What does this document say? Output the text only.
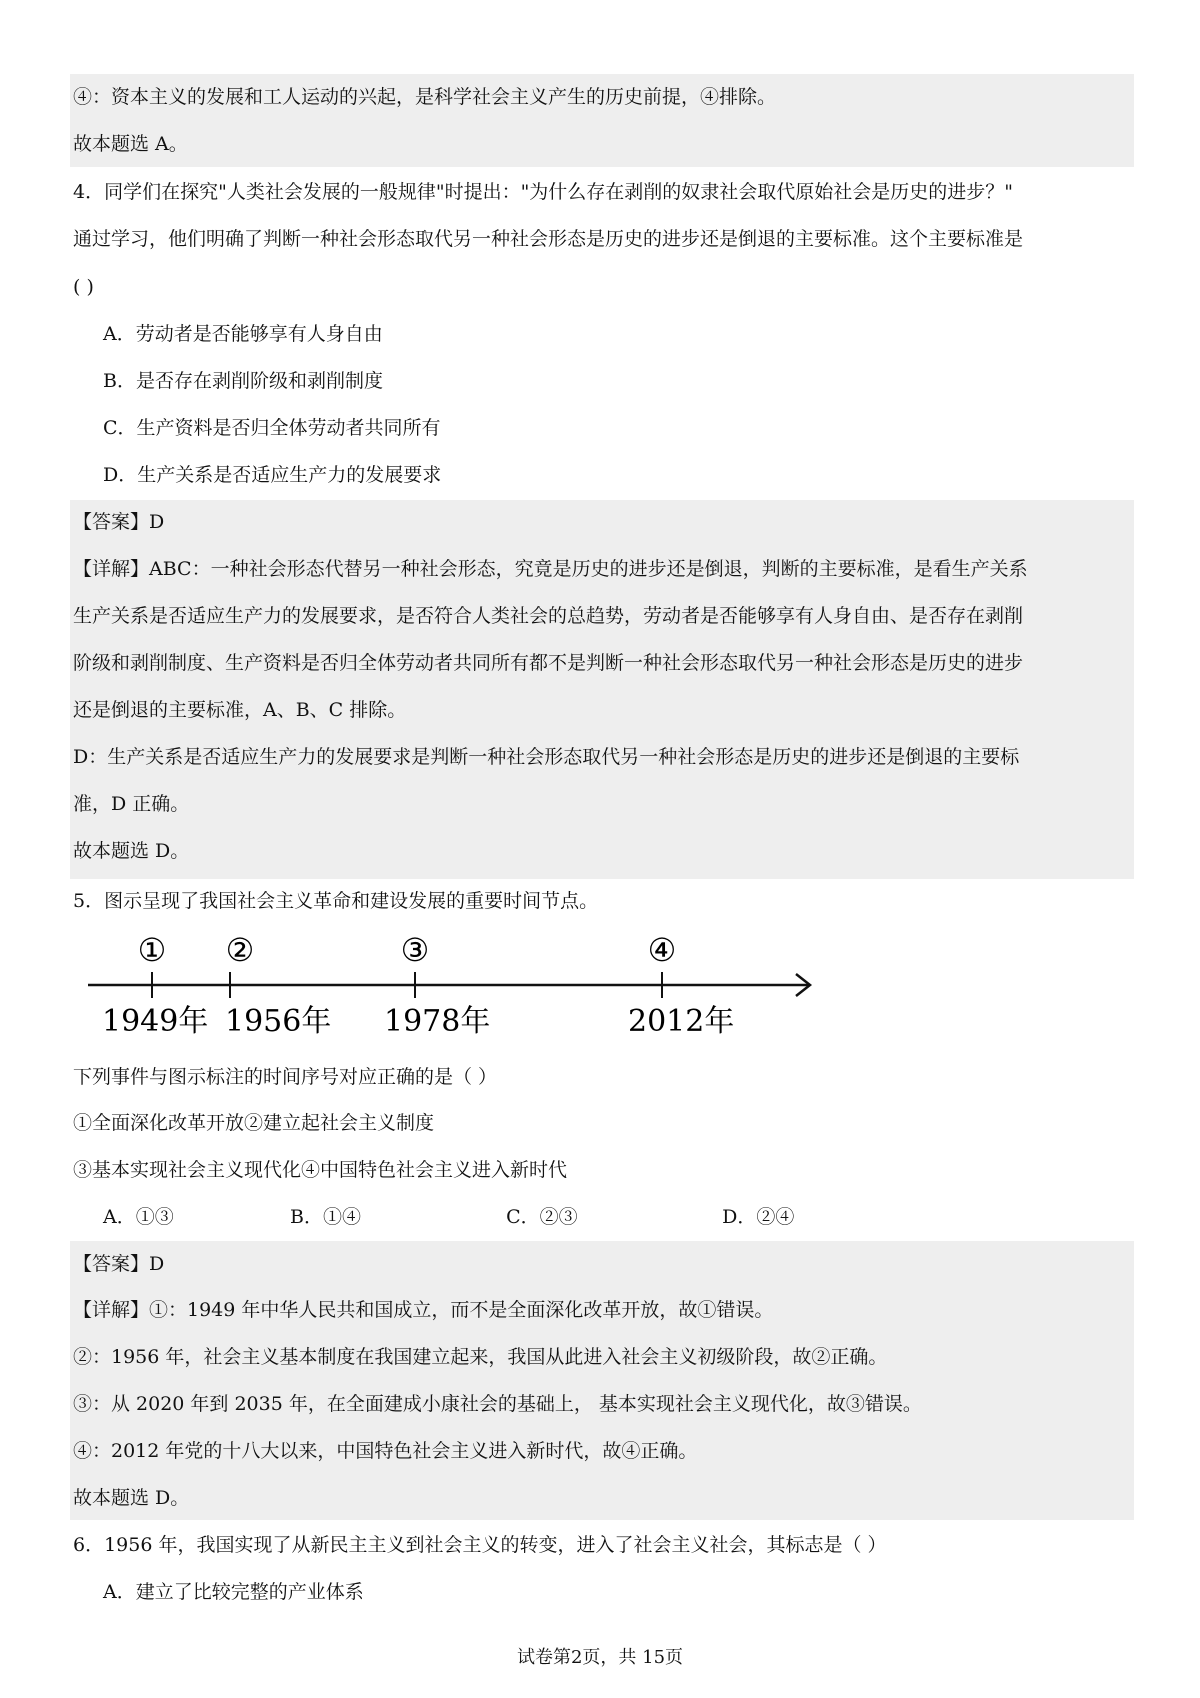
④：资本主义的发展和工人运动的兴起，是科学社会主义产生的历史前提，④排除。
故本题选 A。
4．同学们在探究"人类社会发展的一般规律"时提出："为什么存在剥削的奴隶社会取代原始社会是历史的进步？"
通过学习，他们明确了判断一种社会形态取代另一种社会形态是历史的进步还是倒退的主要标准。这个主要标准是
( )
A．劳动者是否能够享有人身自由
B．是否存在剥削阶级和剥削制度
C．生产资料是否归全体劳动者共同所有
D．生产关系是否适应生产力的发展要求
【答案】D
【详解】ABC：一种社会形态代替另一种社会形态，究竟是历史的进步还是倒退，判断的主要标准，是看生产关系
生产关系是否适应生产力的发展要求，是否符合人类社会的总趋势，劳动者是否能够享有人身自由、是否存在剥削
阶级和剥削制度、生产资料是否归全体劳动者共同所有都不是判断一种社会形态取代另一种社会形态是历史的进步
还是倒退的主要标准，A、B、C 排除。
D：生产关系是否适应生产力的发展要求是判断一种社会形态取代另一种社会形态是历史的进步还是倒退的主要标
准，D 正确。
故本题选 D。
5．图示呈现了我国社会主义革命和建设发展的重要时间节点。
① ②	③	④
1949年 1956年 1978年	2012年
下列事件与图示标注的时间序号对应正确的是（ ）
①全面深化改革开放②建立起社会主义制度
③基本实现社会主义现代化④中国特色社会主义进入新时代
A．①③	B．①④	C．②③	D．②④
【答案】D
【详解】①：1949 年中华人民共和国成立，而不是全面深化改革开放，故①错误。
②：1956 年，社会主义基本制度在我国建立起来，我国从此进入社会主义初级阶段，故②正确。
③：从 2020 年到 2035 年，在全面建成小康社会的基础上， 基本实现社会主义现代化，故③错误。
④：2012 年党的十八大以来，中国特色社会主义进入新时代，故④正确。
故本题选 D。
6．1956 年，我国实现了从新民主主义到社会主义的转变，进入了社会主义社会，其标志是（ ）
A．建立了比较完整的产业体系
试卷第2页，共 15页
